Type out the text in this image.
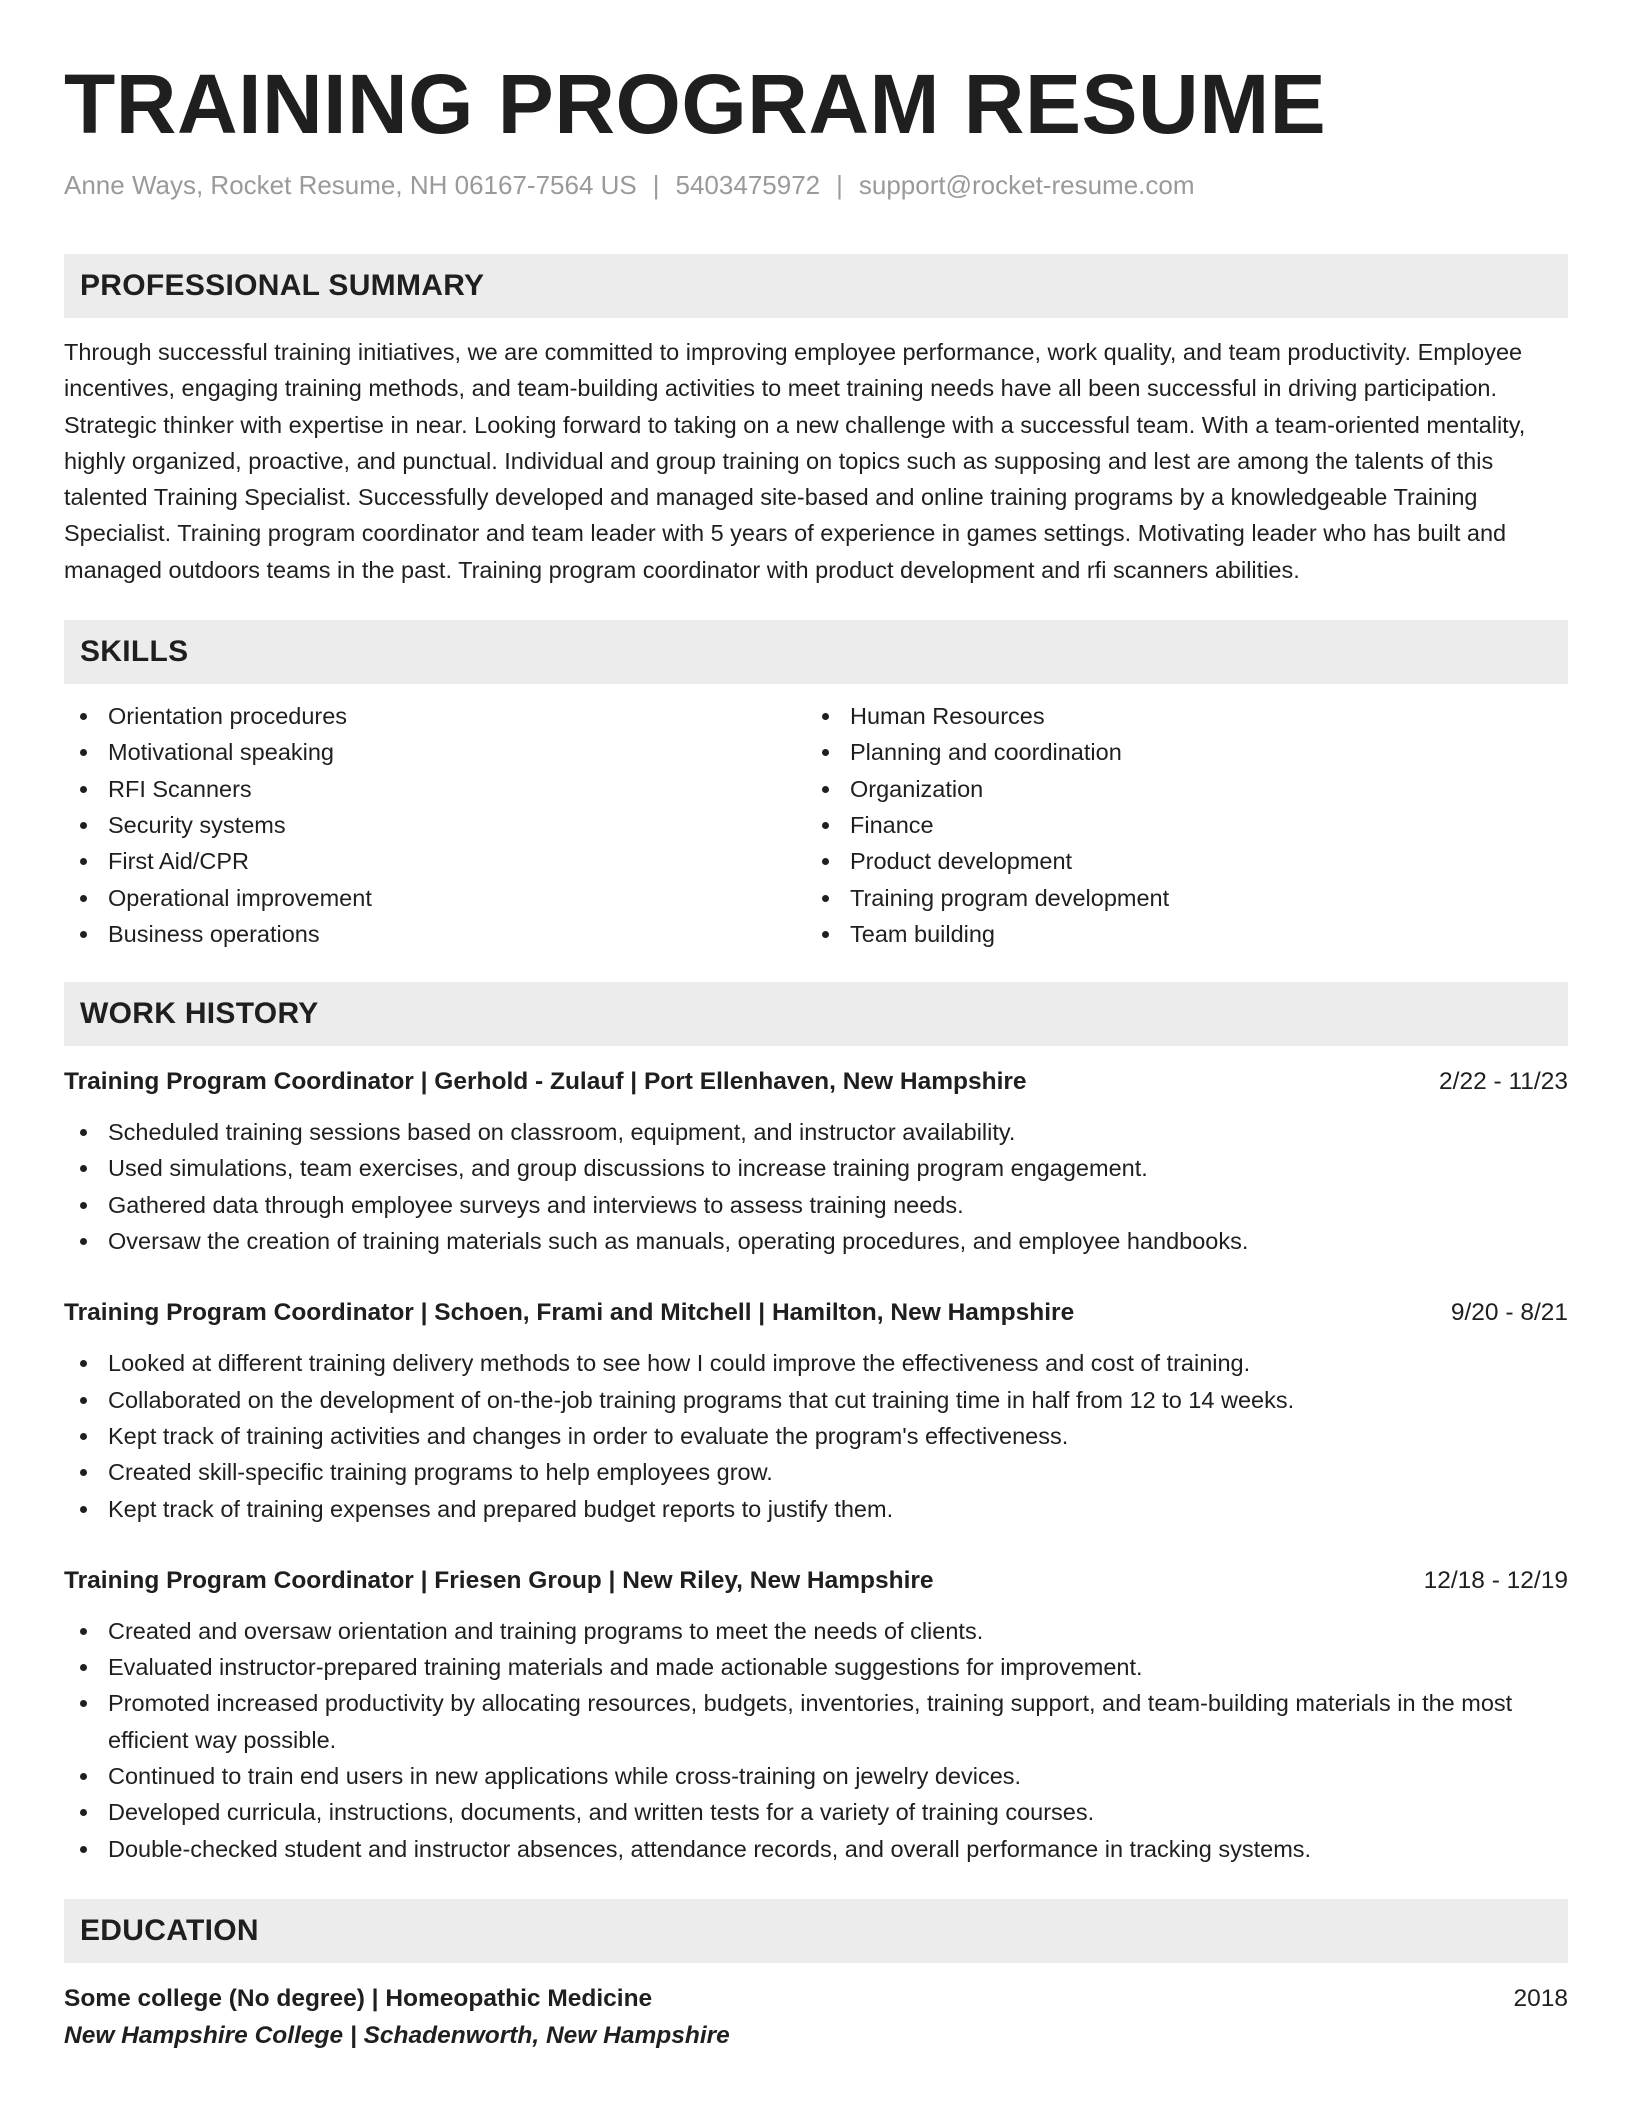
TRAINING PROGRAM RESUME
Anne Ways, Rocket Resume, NH 06167-7564 US | 5403475972 | support@rocket-resume.com
PROFESSIONAL SUMMARY
Through successful training initiatives, we are committed to improving employee performance, work quality, and team productivity. Employee incentives, engaging training methods, and team-building activities to meet training needs have all been successful in driving participation. Strategic thinker with expertise in near. Looking forward to taking on a new challenge with a successful team. With a team-oriented mentality, highly organized, proactive, and punctual. Individual and group training on topics such as supposing and lest are among the talents of this talented Training Specialist. Successfully developed and managed site-based and online training programs by a knowledgeable Training Specialist. Training program coordinator and team leader with 5 years of experience in games settings. Motivating leader who has built and managed outdoors teams in the past. Training program coordinator with product development and rfi scanners abilities.
SKILLS
Orientation procedures
Motivational speaking
RFI Scanners
Security systems
First Aid/CPR
Operational improvement
Business operations
Human Resources
Planning and coordination
Organization
Finance
Product development
Training program development
Team building
WORK HISTORY
Training Program Coordinator | Gerhold - Zulauf | Port Ellenhaven, New Hampshire	2/22 - 11/23
Scheduled training sessions based on classroom, equipment, and instructor availability.
Used simulations, team exercises, and group discussions to increase training program engagement.
Gathered data through employee surveys and interviews to assess training needs.
Oversaw the creation of training materials such as manuals, operating procedures, and employee handbooks.
Training Program Coordinator | Schoen, Frami and Mitchell | Hamilton, New Hampshire	9/20 - 8/21
Looked at different training delivery methods to see how I could improve the effectiveness and cost of training.
Collaborated on the development of on-the-job training programs that cut training time in half from 12 to 14 weeks.
Kept track of training activities and changes in order to evaluate the program's effectiveness.
Created skill-specific training programs to help employees grow.
Kept track of training expenses and prepared budget reports to justify them.
Training Program Coordinator | Friesen Group | New Riley, New Hampshire	12/18 - 12/19
Created and oversaw orientation and training programs to meet the needs of clients.
Evaluated instructor-prepared training materials and made actionable suggestions for improvement.
Promoted increased productivity by allocating resources, budgets, inventories, training support, and team-building materials in the most efficient way possible.
Continued to train end users in new applications while cross-training on jewelry devices.
Developed curricula, instructions, documents, and written tests for a variety of training courses.
Double-checked student and instructor absences, attendance records, and overall performance in tracking systems.
EDUCATION
Some college (No degree) | Homeopathic Medicine	2018
New Hampshire College | Schadenworth, New Hampshire
